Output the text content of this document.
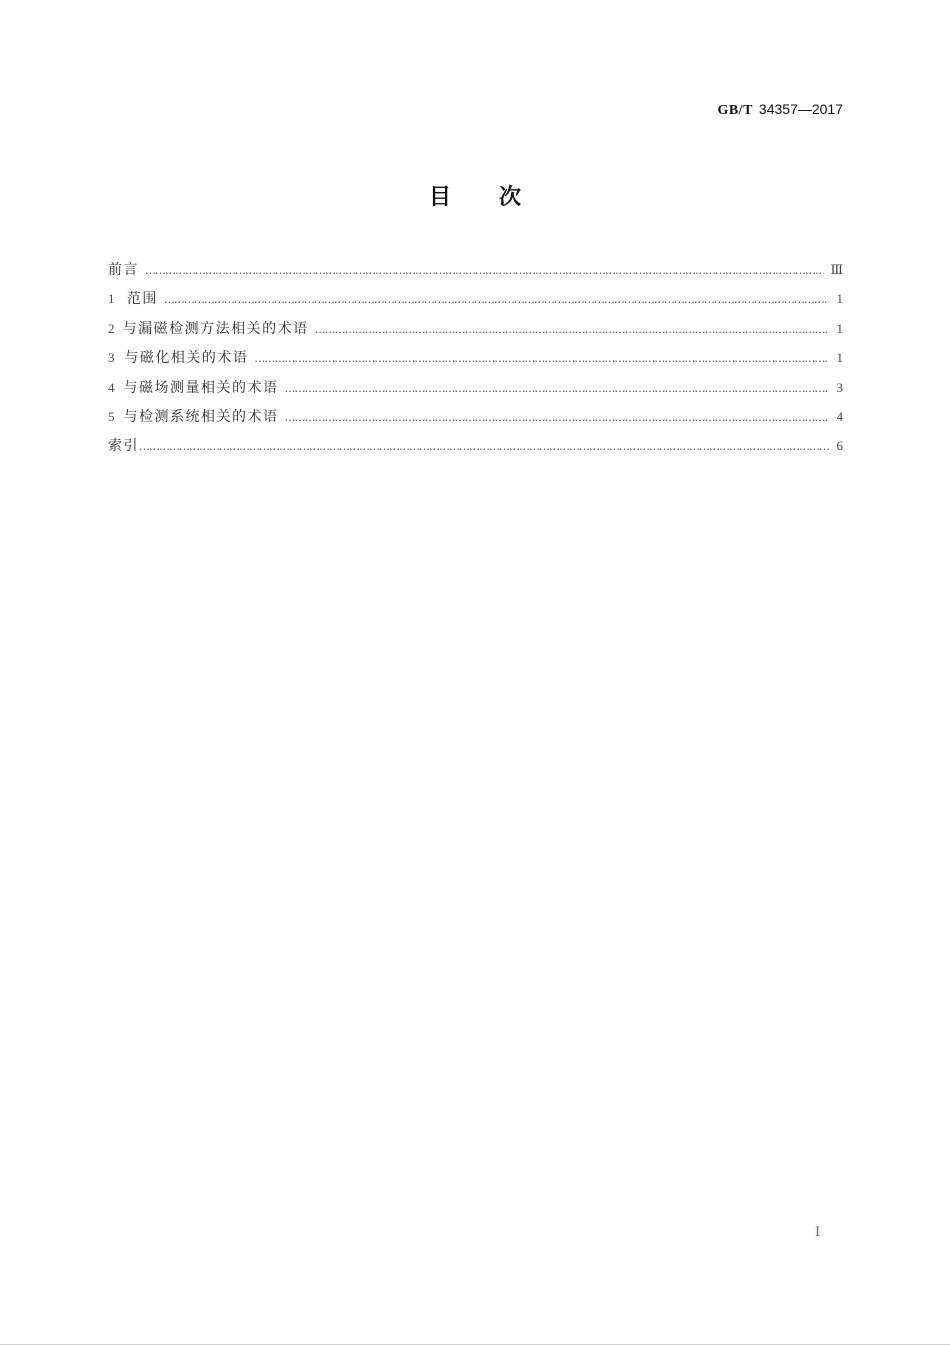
GB/T 34357—2017
目次
前言 …………………………………………………………………………………………………………………………………………………………………………………………………………………………………………	Ⅲ
1 范围 …………………………………………………………………………………………………………………………………………………………………………………………………………………………………………	1
2 与漏磁检测方法相关的术语 …………………………………………………………………………………………………………………………………………………………………………………………………………………………………………	1
3 与磁化相关的术语 …………………………………………………………………………………………………………………………………………………………………………………………………………………………………………	1
4 与磁场测量相关的术语 …………………………………………………………………………………………………………………………………………………………………………………………………………………………………………	3
5 与检测系统相关的术语 …………………………………………………………………………………………………………………………………………………………………………………………………………………………………………	4
索引 …………………………………………………………………………………………………………………………………………………………………………………………………………………………………………	6
Ⅰ
